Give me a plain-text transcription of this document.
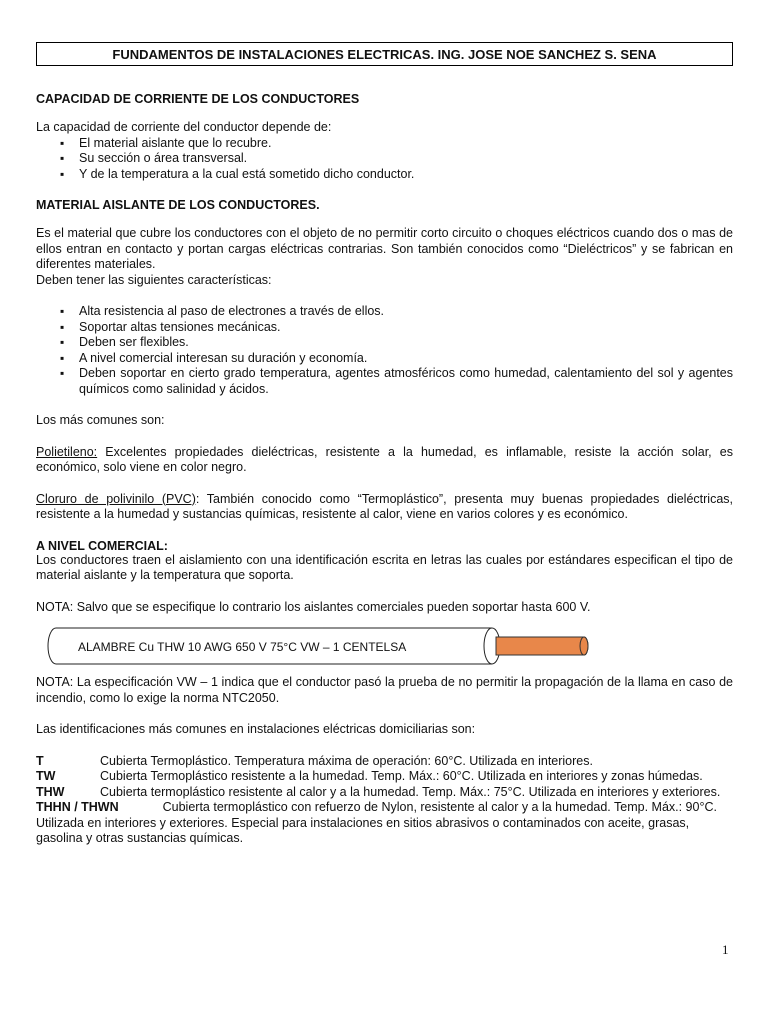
FUNDAMENTOS DE INSTALACIONES ELECTRICAS. ING. JOSE NOE SANCHEZ S. SENA
CAPACIDAD DE CORRIENTE DE LOS CONDUCTORES

La capacidad de corriente del conductor depende de:

▪ El material aislante que lo recubre.
▪ Su sección o área transversal.
▪ Y de la temperatura a la cual está sometido dicho conductor.
MATERIAL AISLANTE DE LOS CONDUCTORES.

Es el material que cubre los conductores con el objeto de no permitir corto circuito o choques eléctricos cuando dos o mas de ellos entran en contacto y portan cargas eléctricas contrarias. Son también conocidos como “Dieléctricos” y se fabrican en diferentes materiales.

Deben tener las siguientes características:

▪ Alta resistencia al paso de electrones a través de ellos.
▪ Soportar altas tensiones mecánicas.
▪ Deben ser flexibles.
▪ A nivel comercial interesan su duración y economía.
▪ Deben soportar en cierto grado temperatura, agentes atmosféricos como humedad, calentamiento del sol y agentes químicos como salinidad y ácidos.

Los más comunes son:

Polietileno: Excelentes propiedades dieléctricas, resistente a la humedad, es inflamable, resiste la acción solar, es económico, solo viene en color negro.

Cloruro de polivinilo (PVC): También conocido como “Termoplástico”, presenta muy buenas propiedades dieléctricas, resistente a la humedad y sustancias químicas, resistente al calor, viene en varios colores y es económico.

A NIVEL COMERCIAL:

Los conductores traen el aislamiento con una identificación escrita en letras las cuales por estándares especifican el tipo de material aislante y la temperatura que soporta.

NOTA: Salvo que se especifique lo contrario los aislantes comerciales pueden soportar hasta 600 V.

ALAMBRE Cu THW 10 AWG 650 V 75°C VW – 1 CENTELSA

NOTA: La especificación VW – 1 indica que el conductor pasó la prueba de no permitir la propagación de la llama en caso de incendio, como lo exige la norma NTC2050.

Las identificaciones más comunes en instalaciones eléctricas domiciliarias son:

T	Cubierta Termoplástico. Temperatura máxima de operación: 60°C. Utilizada en interiores.
TW	Cubierta Termoplástico resistente a la humedad. Temp. Máx.: 60°C. Utilizada en interiores y zonas húmedas.
THW	Cubierta termoplástico resistente al calor y a la humedad. Temp. Máx.: 75°C. Utilizada en interiores y exteriores.

THHN / THWN	Cubierta termoplástico con refuerzo de Nylon, resistente al calor y a la humedad. Temp. Máx.: 90°C. Utilizada en interiores y exteriores. Especial para instalaciones en sitios abrasivos o contaminados con aceite, grasas, gasolina y otras sustancias químicas.

1
